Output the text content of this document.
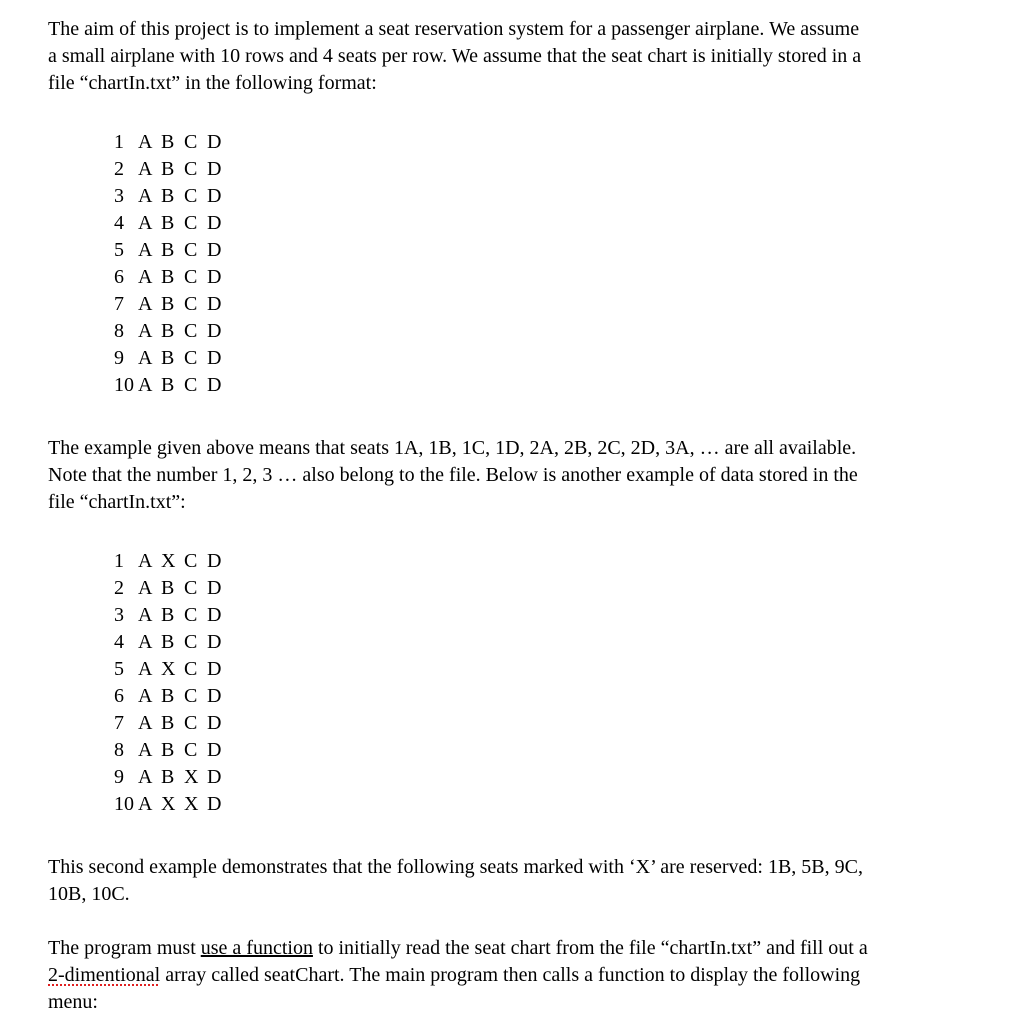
The aim of this project is to implement a seat reservation system for a passenger airplane. We assume
a small airplane with 10 rows and 4 seats per row. We assume that the seat chart is initially stored in a
file “chartIn.txt” in the following format:

1	A	B	C	D
2	A	B	C	D
3	A	B	C	D
4	A	B	C	D
5	A	B	C	D
6	A	B	C	D
7	A	B	C	D
8	A	B	C	D
9	A	B	C	D
10	A	B	C	D

The example given above means that seats 1A, 1B, 1C, 1D, 2A, 2B, 2C, 2D, 3A, … are all available.
Note that the number 1, 2, 3 … also belong to the file. Below is another example of data stored in the
file “chartIn.txt”:

1	A	X	C	D
2	A	B	C	D
3	A	B	C	D
4	A	B	C	D
5	A	X	C	D
6	A	B	C	D
7	A	B	C	D
8	A	B	C	D
9	A	B	X	D
10	A	X	X	D

This second example demonstrates that the following seats marked with ‘X’ are reserved: 1B, 5B, 9C,
10B, 10C.

The program must use a function to initially read the seat chart from the file “chartIn.txt” and fill out a
2-dimentional array called seatChart. The main program then calls a function to display the following
menu:
